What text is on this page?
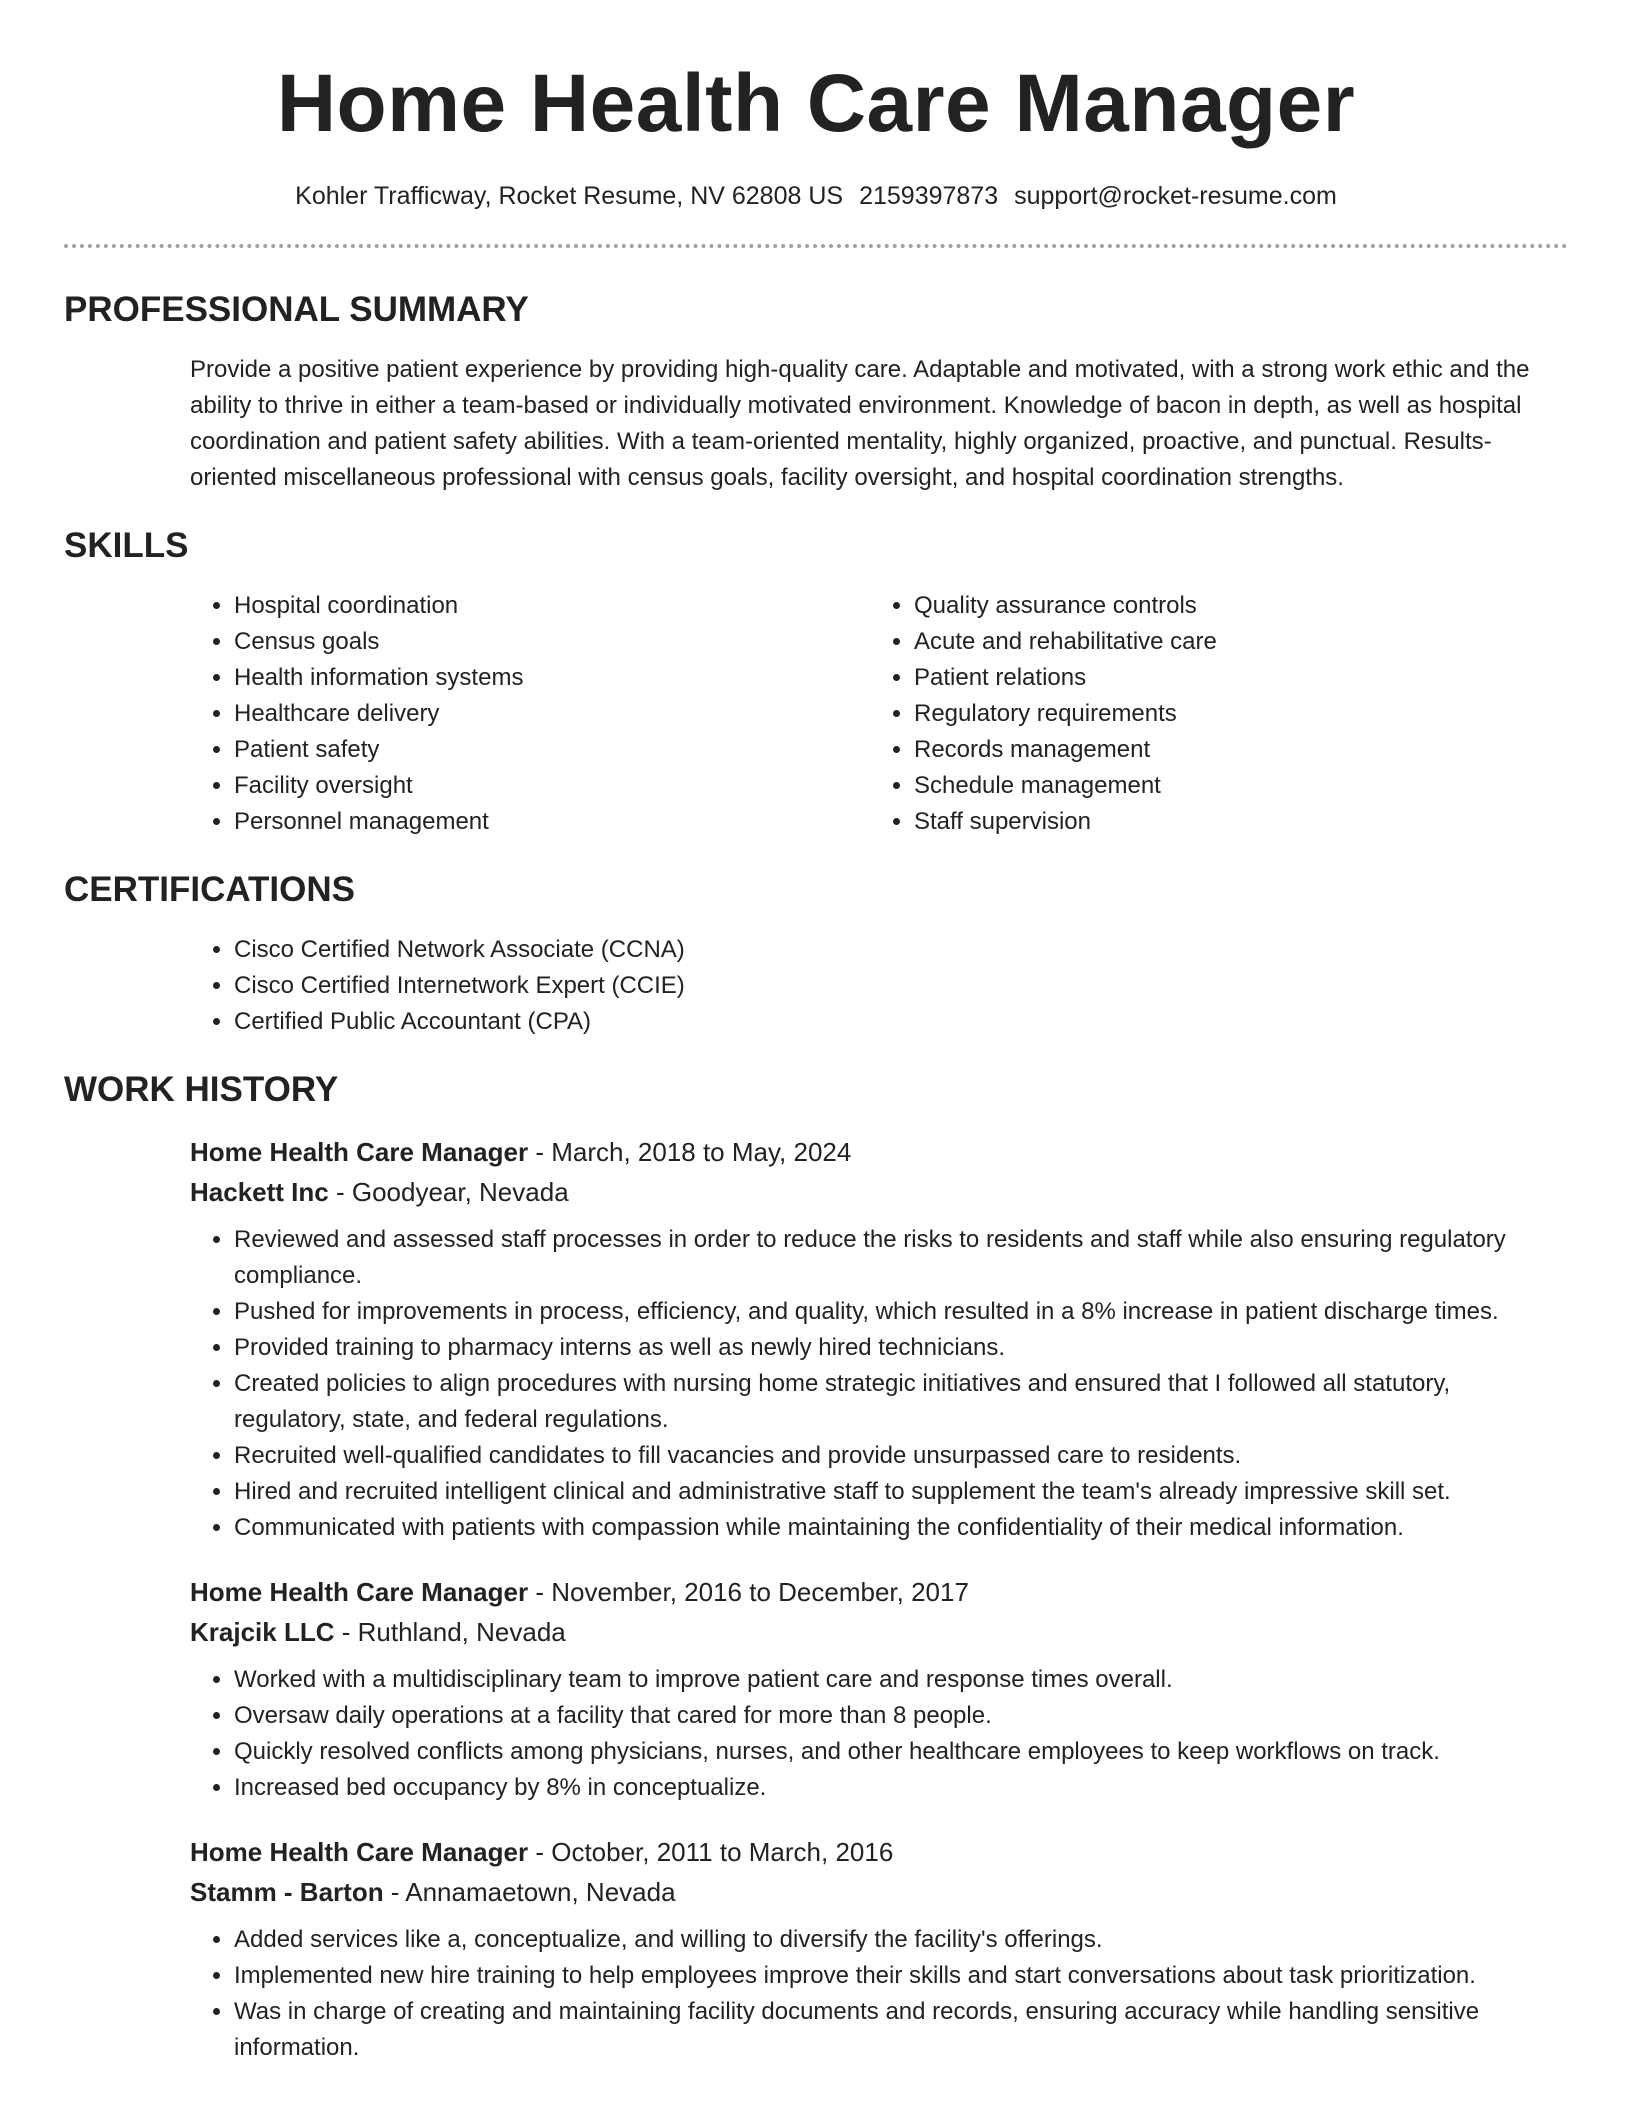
Home Health Care Manager
Kohler Trafficway, Rocket Resume, NV 62808 US 2159397873 support@rocket-resume.com
PROFESSIONAL SUMMARY

Provide a positive patient experience by providing high-quality care. Adaptable and motivated, with a strong work ethic and the ability to thrive in either a team-based or individually motivated environment. Knowledge of bacon in depth, as well as hospital coordination and patient safety abilities. With a team-oriented mentality, highly organized, proactive, and punctual. Results-oriented miscellaneous professional with census goals, facility oversight, and hospital coordination strengths.

SKILLS
• Hospital coordination
• Census goals
• Health information systems
• Healthcare delivery
• Patient safety
• Facility oversight
• Personnel management
• Quality assurance controls
• Acute and rehabilitative care
• Patient relations
• Regulatory requirements
• Records management
• Schedule management
• Staff supervision
CERTIFICATIONS
• Cisco Certified Network Associate (CCNA)
• Cisco Certified Internetwork Expert (CCIE)
• Certified Public Accountant (CPA)
WORK HISTORY
Home Health Care Manager - March, 2018 to May, 2024
Hackett Inc - Goodyear, Nevada
• Reviewed and assessed staff processes in order to reduce the risks to residents and staff while also ensuring regulatory compliance.
• Pushed for improvements in process, efficiency, and quality, which resulted in a 8% increase in patient discharge times.
• Provided training to pharmacy interns as well as newly hired technicians.
• Created policies to align procedures with nursing home strategic initiatives and ensured that I followed all statutory, regulatory, state, and federal regulations.
• Recruited well-qualified candidates to fill vacancies and provide unsurpassed care to residents.
• Hired and recruited intelligent clinical and administrative staff to supplement the team's already impressive skill set.
• Communicated with patients with compassion while maintaining the confidentiality of their medical information.
Home Health Care Manager - November, 2016 to December, 2017
Krajcik LLC - Ruthland, Nevada
• Worked with a multidisciplinary team to improve patient care and response times overall.
• Oversaw daily operations at a facility that cared for more than 8 people.
• Quickly resolved conflicts among physicians, nurses, and other healthcare employees to keep workflows on track.
• Increased bed occupancy by 8% in conceptualize.
Home Health Care Manager - October, 2011 to March, 2016
Stamm - Barton - Annamaetown, Nevada
• Added services like a, conceptualize, and willing to diversify the facility's offerings.
• Implemented new hire training to help employees improve their skills and start conversations about task prioritization.
• Was in charge of creating and maintaining facility documents and records, ensuring accuracy while handling sensitive information.
